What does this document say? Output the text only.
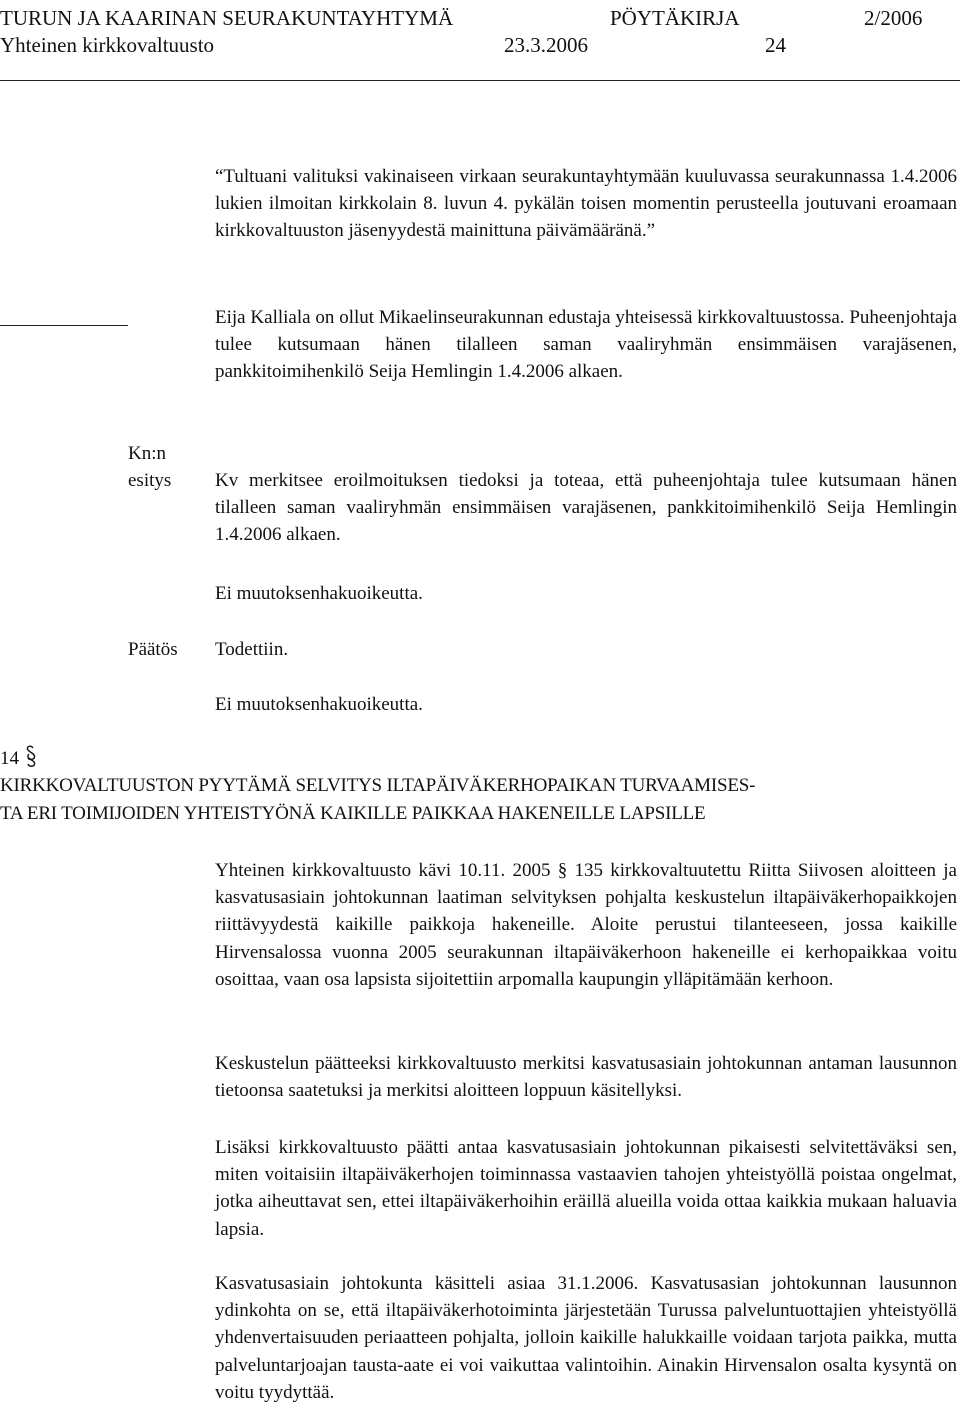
TURUN JA KAARINAN SEURAKUNTAYHTYMÄ	PÖYTÄKIRJA	2/2006
Yhteinen kirkkovaltuusto	23.3.2006	24

“Tultuani valituksi vakinaiseen virkaan seurakuntayhtymään kuuluvassa seurakunnassa 1.4.2006 lukien ilmoitan kirkkolain 8. luvun 4. pykälän toisen momentin perusteella joutuvani eroamaan kirkkovaltuuston jäsenyydestä mainittuna päivämääränä.”

Eija Kalliala on ollut Mikaelinseurakunnan edustaja yhteisessä kirkkovaltuustossa. Puheenjohtaja tulee kutsumaan hänen tilalleen saman vaaliryhmän ensimmäisen varajäsenen, pankkitoimihenkilö Seija Hemlingin 1.4.2006 alkaen.

Kn:n
esitys Kv merkitsee eroilmoituksen tiedoksi ja toteaa, että puheenjohtaja tulee kutsumaan hänen tilalleen saman vaaliryhmän ensimmäisen varajäsenen, pankkitoimihenkilö Seija Hemlingin 1.4.2006 alkaen.

Ei muutoksenhakuoikeutta.
Päätös Todettiin.
Ei muutoksenhakuoikeutta.
14
KIRKKOVALTUUSTON PYYTÄMÄ SELVITYS ILTAPÄIVÄKERHOPAIKAN TURVAAMISES-
TA ERI TOIMIJOIDEN YHTEISTYÖNÄ KAIKILLE PAIKKAA HAKENEILLE LAPSILLE

Yhteinen kirkkovaltuusto kävi 10.11. 2005 § 135 kirkkovaltuutettu Riitta Siivosen aloitteen ja kasvatusasiain johtokunnan laatiman selvityksen pohjalta keskustelun iltapäiväkerhopaikkojen riittävyydestä kaikille paikkoja hakeneille. Aloite perustui tilanteeseen, jossa kaikille Hirvensalossa vuonna 2005 seurakunnan iltapäiväkerhoon hakeneille ei kerhopaikkaa voitu osoittaa, vaan osa lapsista sijoitettiin arpomalla kaupungin ylläpitämään kerhoon.

Keskustelun päätteeksi kirkkovaltuusto merkitsi kasvatusasiain johtokunnan antaman lausunnon tietoonsa saatetuksi ja merkitsi aloitteen loppuun käsitellyksi.

Lisäksi kirkkovaltuusto päätti antaa kasvatusasiain johtokunnan pikaisesti selvitettäväksi sen, miten voitaisiin iltapäiväkerhojen toiminnassa vastaavien tahojen yhteistyöllä poistaa ongelmat, jotka aiheuttavat sen, ettei iltapäiväkerhoihin eräillä alueilla voida ottaa kaikkia mukaan haluavia lapsia.

Kasvatusasiain johtokunta käsitteli asiaa 31.1.2006. Kasvatusasian johtokunnan lausunnon ydinkohta on se, että iltapäiväkerhotoiminta järjestetään Turussa palveluntuottajien yhteistyöllä yhdenvertaisuuden periaatteen pohjalta, jolloin kaikille halukkaille voidaan tarjota paikka, mutta palveluntarjoajan tausta-aate ei voi vaikuttaa valintoihin. Ainakin Hirvensalon osalta kysyntä on voitu tyydyttää.
